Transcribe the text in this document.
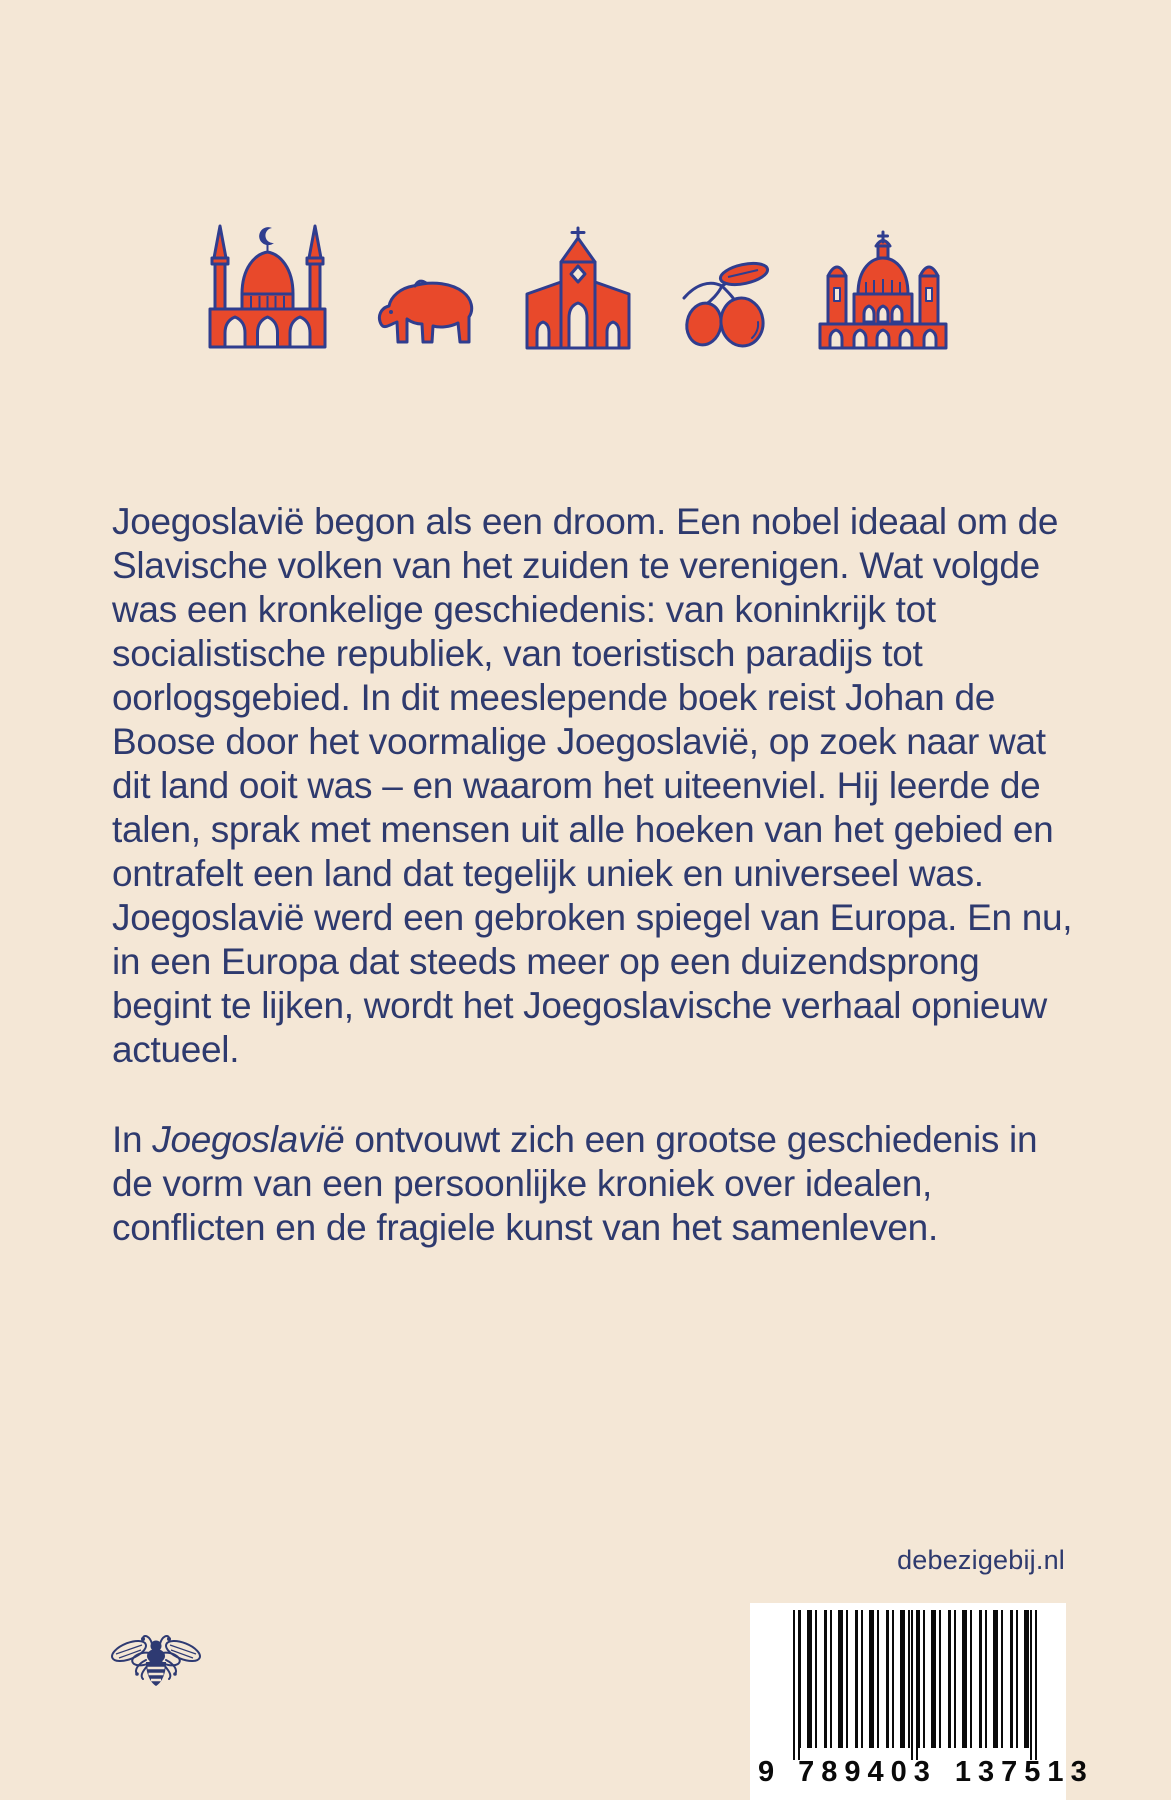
Joegoslavië begon als een droom. Een nobel ideaal om de Slavische volken van het zuiden te verenigen. Wat volgde was een kronkelige geschiedenis: van koninkrijk tot socialistische republiek, van toeristisch paradijs tot oorlogsgebied. In dit meeslepende boek reist Johan de Boose door het voormalige Joegoslavië, op zoek naar wat dit land ooit was – en waarom het uiteenviel. Hij leerde de talen, sprak met mensen uit alle hoeken van het gebied en ontrafelt een land dat tegelijk uniek en universeel was. Joegoslavië werd een gebroken spiegel van Europa. En nu, in een Europa dat steeds meer op een duizendsprong begint te lijken, wordt het Joegoslavische verhaal opnieuw actueel.

In Joegoslavië ontvouwt zich een grootse geschiedenis in de vorm van een persoonlijke kroniek over idealen, conflicten en de fragiele kunst van het samenleven.

debezigebij.nl
9 789403 137513
